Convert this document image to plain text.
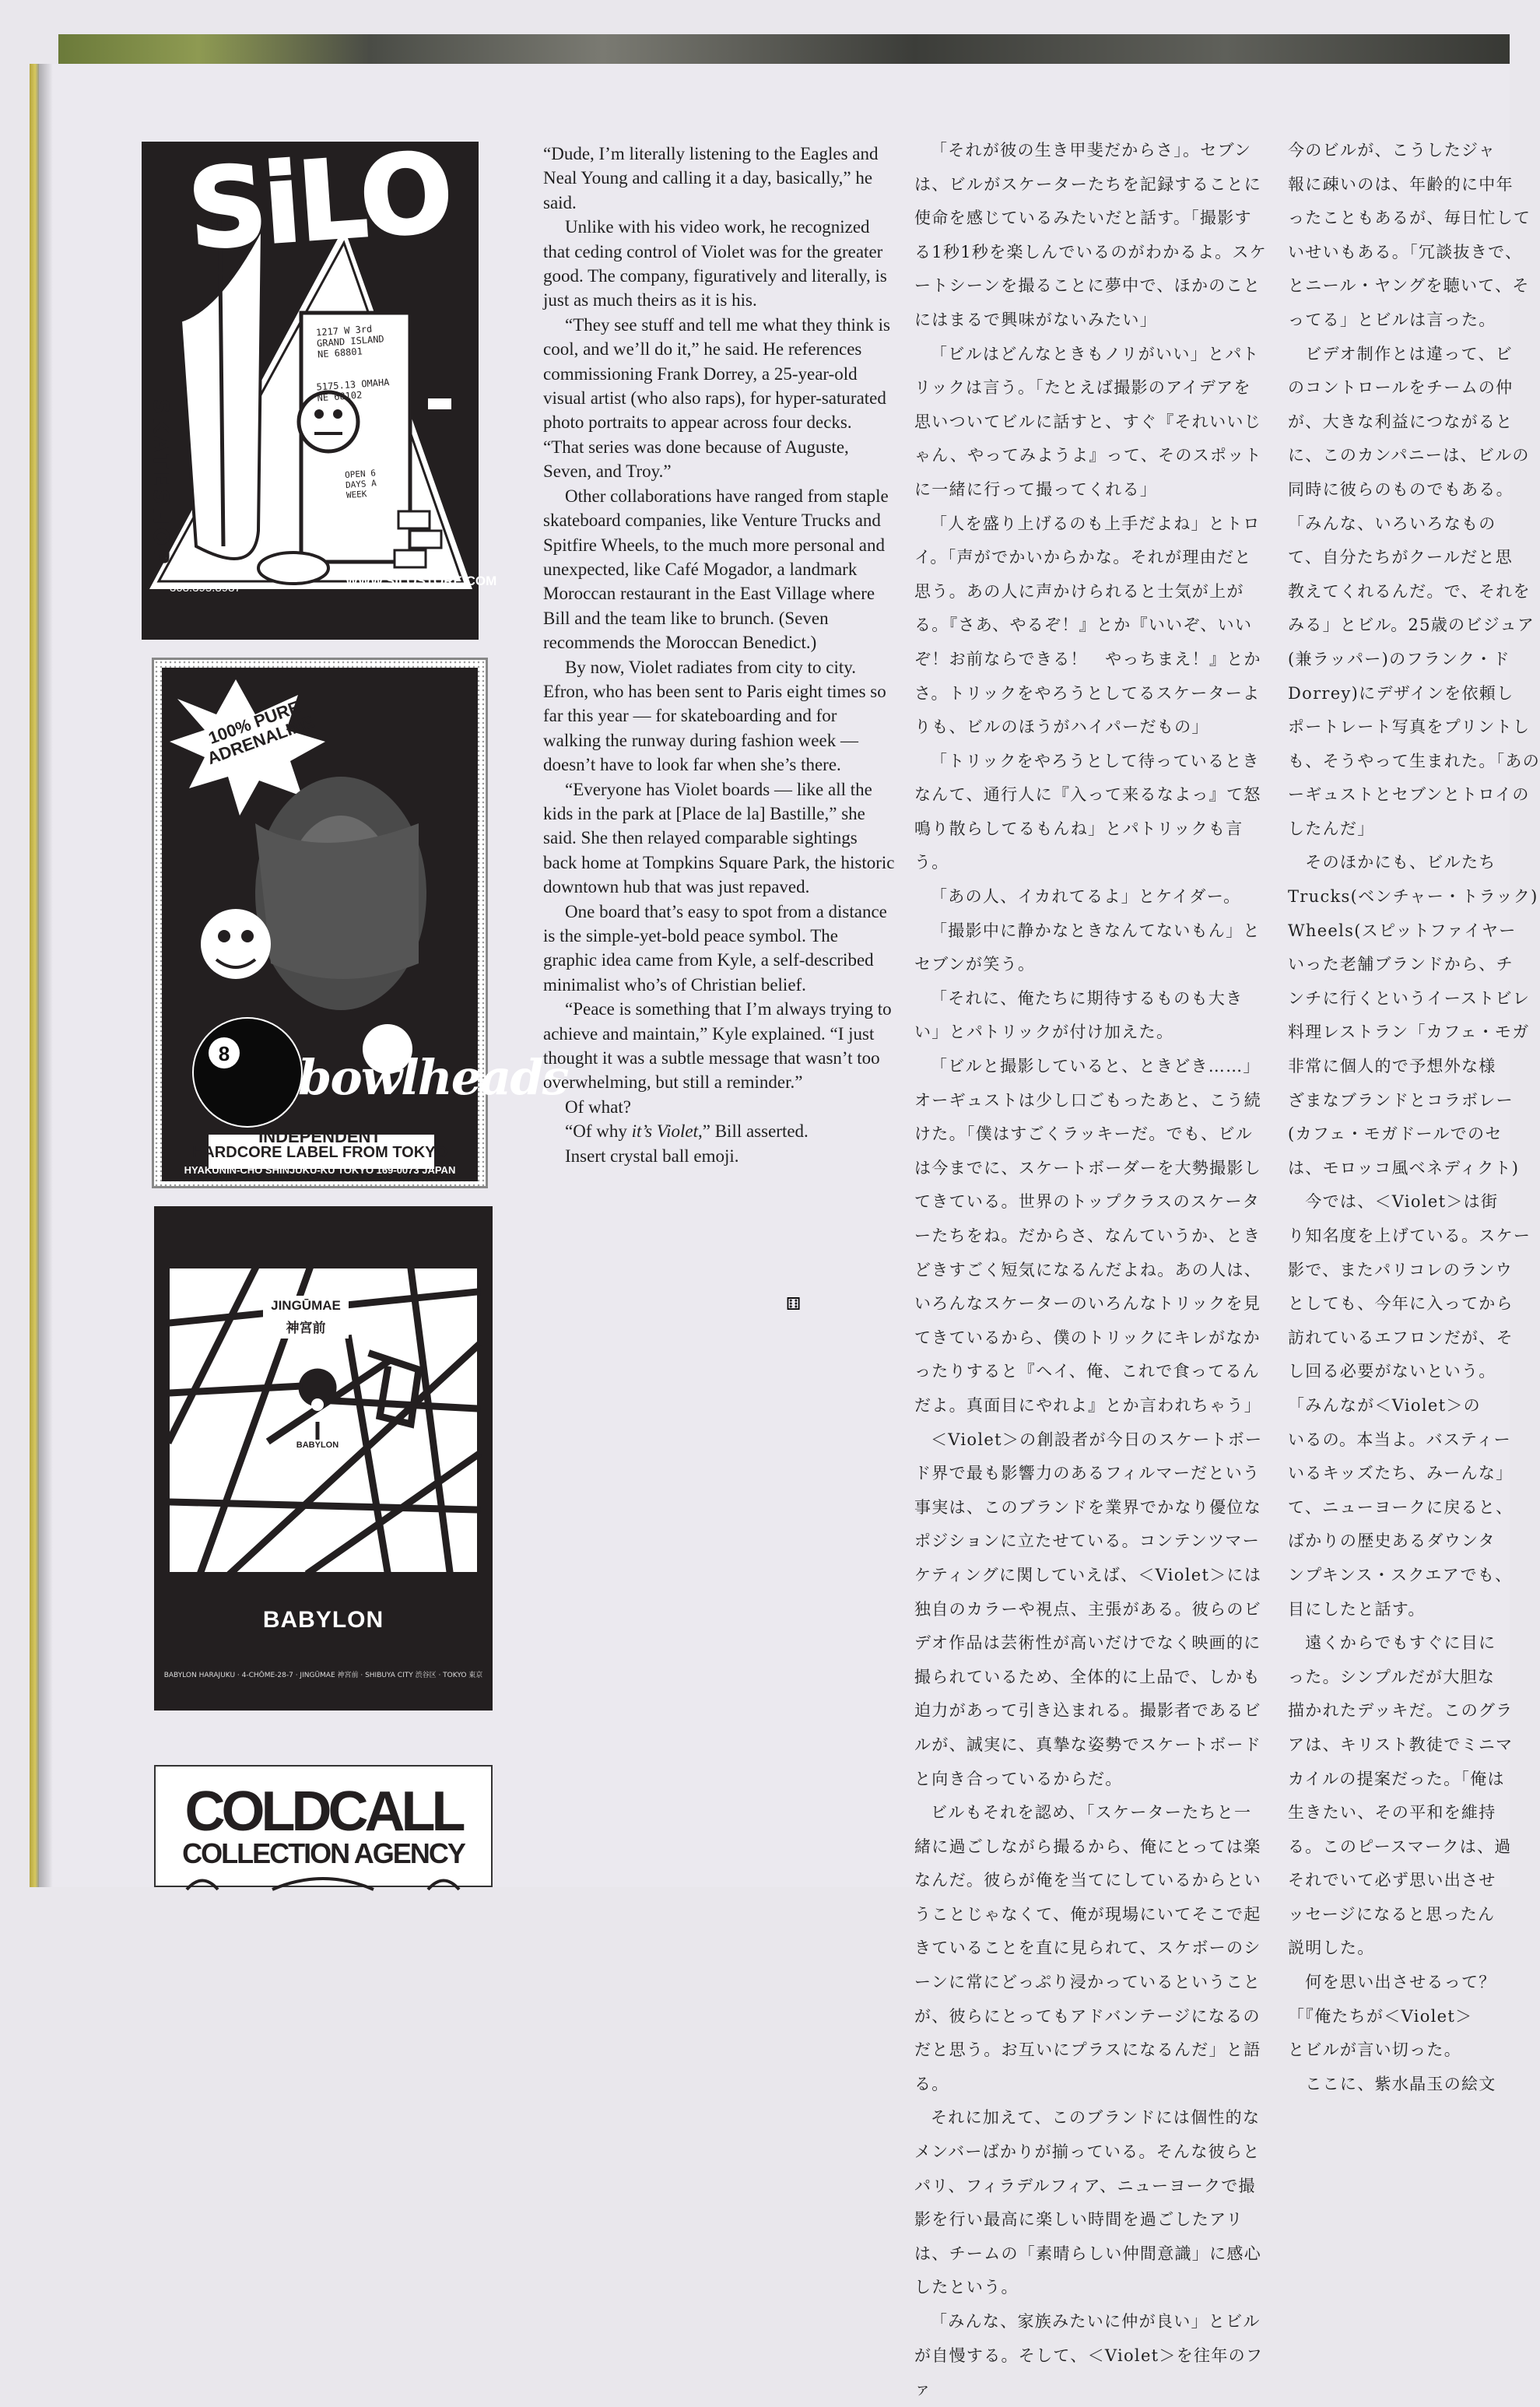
SiLO
SKATESHOP
1217 W 3rd GRAND ISLAND NE 68801
5175.13 OMAHA NE 68102
OPEN 6 DAYS A WEEK
308.395.8987	WWW.SILOSTORE.COM
8
100% PURE ADRENALINE
bowlheads
INDEPENDENT
HARDCORE LABEL FROM TOKYO
HYAKUNIN-CHO SHINJUKU-KU TOKYO 169-0073 JAPAN
JINGŪMAE
神宮前
BABYLON
BABYLON
BABYLON HARAJUKU · 4-CHŌME-28-7 · JINGŪMAE 神宮前 · SHIBUYA CITY 渋谷区 · TOKYO 東京
COLDCALL
COLLECTION AGENCY

“Dude, I’m literally listening to the Eagles and Neal Young and calling it a day, basically,” he said.

Unlike with his video work, he recognized that ceding control of Violet was for the greater good. The company, figuratively and literally, is just as much theirs as it is his.

“They see stuff and tell me what they think is cool, and we’ll do it,” he said. He references commissioning Frank Dorrey, a 25-year-old visual artist (who also raps), for hyper-saturated photo portraits to appear across four decks. “That series was done because of Auguste, Seven, and Troy.”

Other collaborations have ranged from staple skateboard companies, like Venture Trucks and Spitfire Wheels, to the much more personal and unexpected, like Café Mogador, a landmark Moroccan restaurant in the East Village where Bill and the team like to brunch. (Seven recommends the Moroccan Benedict.)

By now, Violet radiates from city to city. Efron, who has been sent to Paris eight times so far this year — for skateboarding and for walking the runway during fashion week — doesn’t have to look far when she’s there.

“Everyone has Violet boards — like all the kids in the park at [Place de la] Bastille,” she said. She then relayed comparable sightings back home at Tompkins Square Park, the historic downtown hub that was just repaved.

One board that’s easy to spot from a distance is the simple-yet-bold peace symbol. The graphic idea came from Kyle, a self-described minimalist who’s of Christian belief.

“Peace is something that I’m always trying to achieve and maintain,” Kyle explained. “I just thought it was a subtle message that wasn’t too overwhelming, but still a reminder.”

Of what?

“Of why it’s Violet,” Bill asserted.

Insert crystal ball emoji.

⚅

「それが彼の生き甲斐だからさ」。セブンは、ビルがスケーターたちを記録することに使命を感じているみたいだと話す。「撮影する1秒1秒を楽しんでいるのがわかるよ。スケートシーンを撮ることに夢中で、ほかのことにはまるで興味がないみたい」

「ビルはどんなときもノリがいい」とパトリックは言う。「たとえば撮影のアイデアを思いついてビルに話すと、すぐ『それいいじゃん、やってみようよ』って、そのスポットに一緒に行って撮ってくれる」

「人を盛り上げるのも上手だよね」とトロイ。「声がでかいからかな。それが理由だと思う。あの人に声かけられると士気が上がる。『さあ、やるぞ！』とか『いいぞ、いいぞ！お前ならできる！　やっちまえ！』とかさ。トリックをやろうとしてるスケーターよりも、ビルのほうがハイパーだもの」

「トリックをやろうとして待っているときなんて、通行人に『入って来るなよっ』て怒鳴り散らしてるもんね」とパトリックも言う。

「あの人、イカれてるよ」とケイダー。

「撮影中に静かなときなんてないもん」とセブンが笑う。

「それに、俺たちに期待するものも大きい」とパトリックが付け加えた。

「ビルと撮影していると、ときどき……」オーギュストは少し口ごもったあと、こう続けた。「僕はすごくラッキーだ。でも、ビルは今までに、スケートボーダーを大勢撮影してきている。世界のトップクラスのスケーターたちをね。だからさ、なんていうか、ときどきすごく短気になるんだよね。あの人は、いろんなスケーターのいろんなトリックを見てきているから、僕のトリックにキレがなかったりすると『ヘイ、俺、これで食ってるんだよ。真面目にやれよ』とか言われちゃう」

＜Violet＞の創設者が今日のスケートボード界で最も影響力のあるフィルマーだという事実は、このブランドを業界でかなり優位なポジションに立たせている。コンテンツマーケティングに関していえば、＜Violet＞には独自のカラーや視点、主張がある。彼らのビデオ作品は芸術性が高いだけでなく映画的に撮られているため、全体的に上品で、しかも迫力があって引き込まれる。撮影者であるビルが、誠実に、真摯な姿勢でスケートボードと向き合っているからだ。

ビルもそれを認め、「スケーターたちと一緒に過ごしながら撮るから、俺にとっては楽なんだ。彼らが俺を当てにしているからということじゃなくて、俺が現場にいてそこで起きていることを直に見られて、スケボーのシーンに常にどっぷり浸かっているということが、彼らにとってもアドバンテージになるのだと思う。お互いにプラスになるんだ」と語る。

それに加えて、このブランドには個性的なメンバーばかりが揃っている。そんな彼らとパリ、フィラデルフィア、ニューヨークで撮影を行い最高に楽しい時間を過ごしたアリは、チームの「素晴らしい仲間意識」に感心したという。

「みんな、家族みたいに仲が良い」とビルが自慢する。そして、＜Violet＞を往年のファ

今のビルが、こうしたジャ
報に疎いのは、年齢的に中年
ったこともあるが、毎日忙して
いせいもある。「冗談抜きで、
とニール・ヤングを聴いて、そ
ってる」とビルは言った。
　ビデオ制作とは違って、ビ
のコントロールをチームの仲
が、大きな利益につながると
に、このカンパニーは、ビルの
同時に彼らのものでもある。
「みんな、いろいろなもの
て、自分たちがクールだと思
教えてくれるんだ。で、それを
みる」とビル。25歳のビジュア
(兼ラッパー)のフランク・ド
Dorrey)にデザインを依頼し
ポートレート写真をプリントし
も、そうやって生まれた。「あの
ーギュストとセブンとトロイの
したんだ」
　そのほかにも、ビルたち
Trucks(ベンチャー・トラック)
Wheels(スピットファイヤー
いった老舗ブランドから、チ
ンチに行くというイーストビレ
料理レストラン「カフェ・モガ
非常に個人的で予想外な様
ざまなブランドとコラボレー
(カフェ・モガドールでのセ
は、モロッコ風ベネディクト)
　今では、＜Violet＞は街
り知名度を上げている。スケー
影で、またパリコレのランウ
としても、今年に入ってから
訪れているエフロンだが、そ
し回る必要がないという。
「みんなが＜Violet＞の
いるの。本当よ。バスティー
いるキッズたち、みーんな」
て、ニューヨークに戻ると、
ばかりの歴史あるダウンタ
ンプキンス・スクエアでも、
目にしたと話す。
　遠くからでもすぐに目に
った。シンプルだが大胆な
描かれたデッキだ。このグラ
アは、キリスト教徒でミニマ
カイルの提案だった。「俺は
生きたい、その平和を維持
る。このピースマークは、過
それでいて必ず思い出させ
ッセージになると思ったん
説明した。
　何を思い出させるって？
「『俺たちが＜Violet＞
とビルが言い切った。
　ここに、紫水晶玉の絵文
